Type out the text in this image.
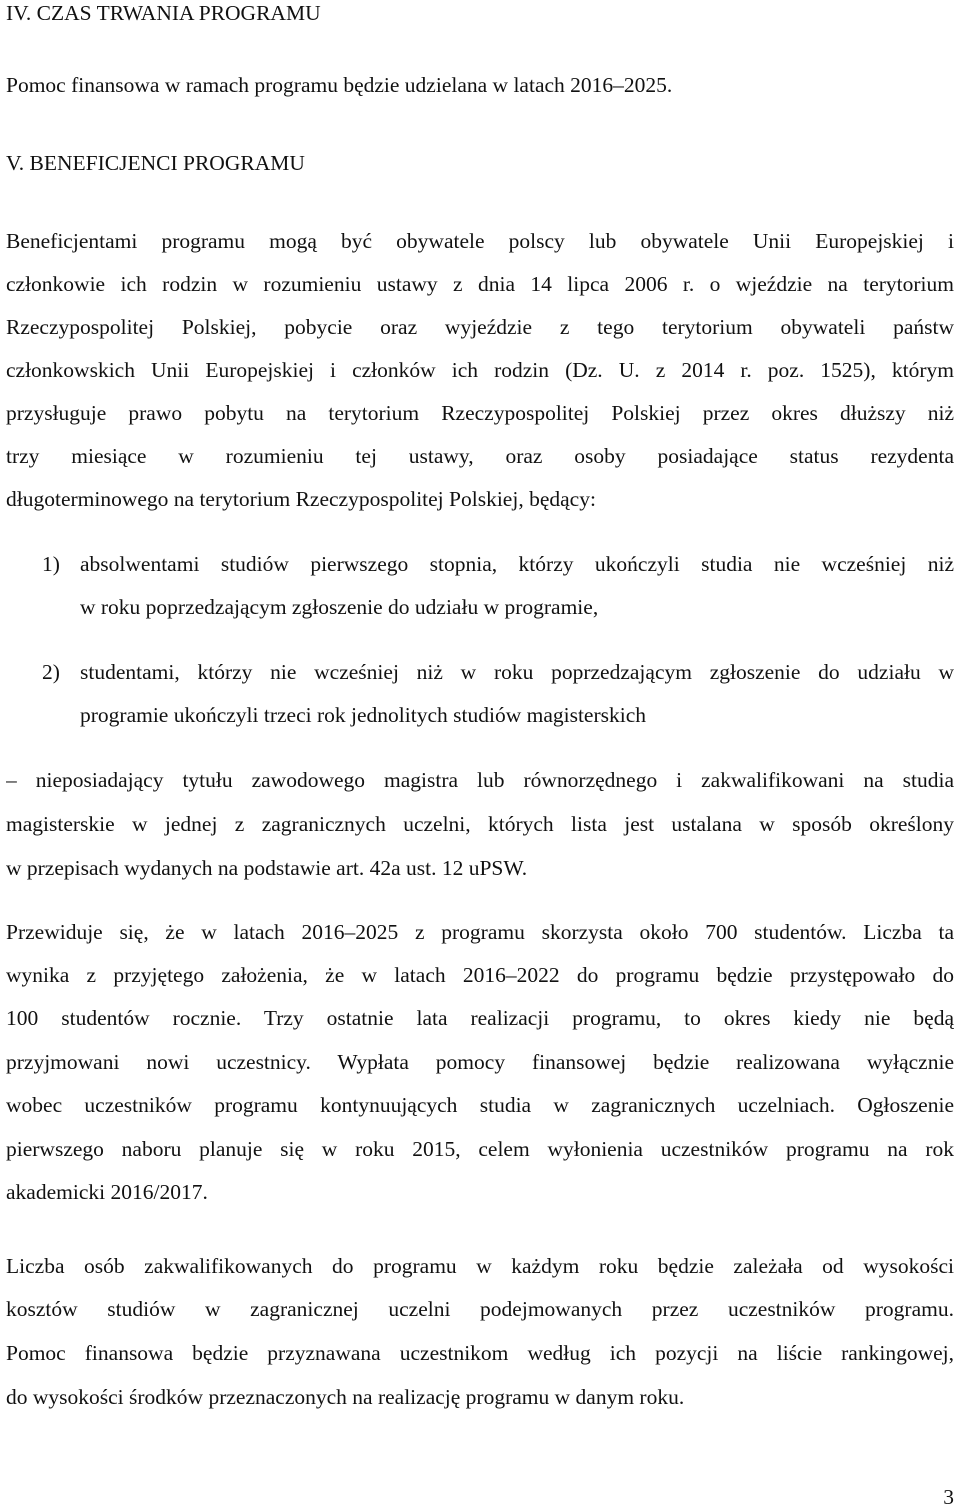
IV. CZAS TRWANIA PROGRAMU

Pomoc finansowa w ramach programu będzie udzielana w latach 2016–2025.

V. BENEFICJENCI PROGRAMU

Beneficjentami programu mogą być obywatele polscy lub obywatele Unii Europejskiej i

członkowie ich rodzin w rozumieniu ustawy z dnia 14 lipca 2006 r. o wjeździe na terytorium

Rzeczypospolitej Polskiej, pobycie oraz wyjeździe z tego terytorium obywateli państw

członkowskich Unii Europejskiej i członków ich rodzin (Dz. U. z 2014 r. poz. 1525), którym

przysługuje prawo pobytu na terytorium Rzeczypospolitej Polskiej przez okres dłuższy niż

trzy miesiące w rozumieniu tej ustawy, oraz osoby posiadające status rezydenta

długoterminowego na terytorium Rzeczypospolitej Polskiej, będący:

1) absolwentami studiów pierwszego stopnia, którzy ukończyli studia nie wcześniej niż
w roku poprzedzającym zgłoszenie do udziału w programie,
2) studentami, którzy nie wcześniej niż w roku poprzedzającym zgłoszenie do udziału w
programie ukończyli trzeci rok jednolitych studiów magisterskich

– nieposiadający tytułu zawodowego magistra lub równorzędnego i zakwalifikowani na studia

magisterskie w jednej z zagranicznych uczelni, których lista jest ustalana w sposób określony

w przepisach wydanych na podstawie art. 42a ust. 12 uPSW.

Przewiduje się, że w latach 2016–2025 z programu skorzysta około 700 studentów. Liczba ta

wynika z przyjętego założenia, że w latach 2016–2022 do programu będzie przystępowało do

100 studentów rocznie. Trzy ostatnie lata realizacji programu, to okres kiedy nie będą

przyjmowani nowi uczestnicy. Wypłata pomocy finansowej będzie realizowana wyłącznie

wobec uczestników programu kontynuujących studia w zagranicznych uczelniach. Ogłoszenie

pierwszego naboru planuje się w roku 2015, celem wyłonienia uczestników programu na rok

akademicki 2016/2017.

Liczba osób zakwalifikowanych do programu w każdym roku będzie zależała od wysokości

kosztów studiów w zagranicznej uczelni podejmowanych przez uczestników programu.

Pomoc finansowa będzie przyznawana uczestnikom według ich pozycji na liście rankingowej,

do wysokości środków przeznaczonych na realizację programu w danym roku.

3
